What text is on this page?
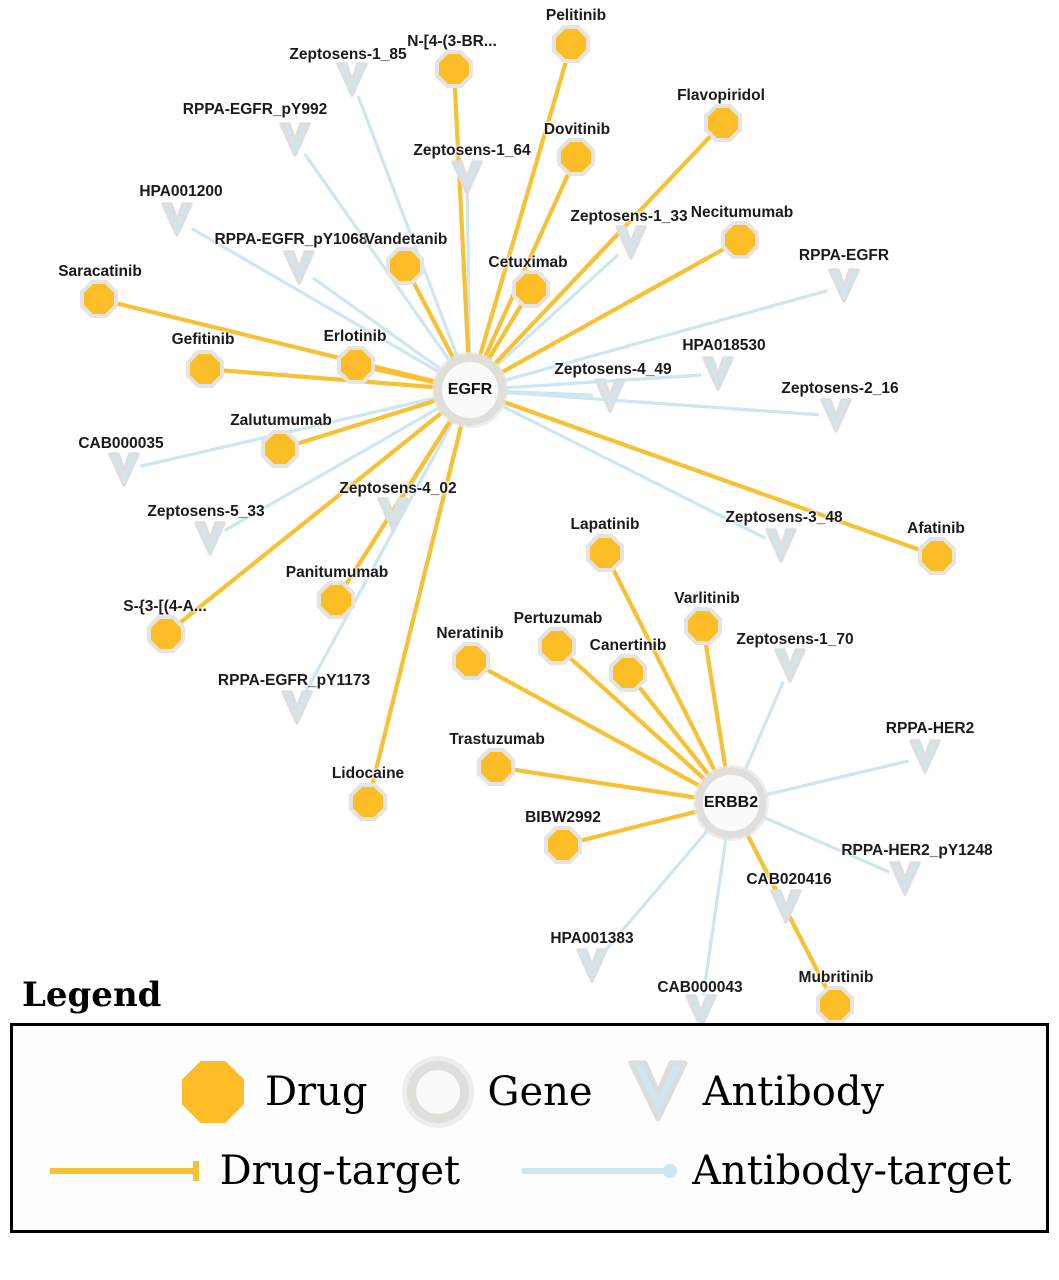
Zeptosens-1_85
RPPA-EGFR_pY992
Zeptosens-1_64
HPA001200
Zeptosens-1_33
RPPA-EGFR_pY1068
RPPA-EGFR
HPA018530
Zeptosens-4_49
Zeptosens-2_16
CAB000035
Zeptosens-4_02
Zeptosens-5_33	Zeptosens-3_48
Zeptosens-1_70
RPPA-EGFR_pY1173
RPPA-HER2
RPPA-HER2_pY1248
CAB020416
HPA001383
CAB000043
Pelitinib
N-[4-(3-BR...
Flavopiridol
Dovitinib
Necitumumab
Vandetanib
Cetuximab
Saracatinib
Gefitinib	Erlotinib
Zalutumumab
Afatinib
Lapatinib
Varlitinib
Panitumumab
S-{3-[(4-A...
Pertuzumab
Neratinib
Canertinib
Trastuzumab
Lidocaine
BIBW2992
Mubritinib
EGFR
ERBB2
Legend
Drug	Gene	Antibody
Drug-target	Antibody-target
